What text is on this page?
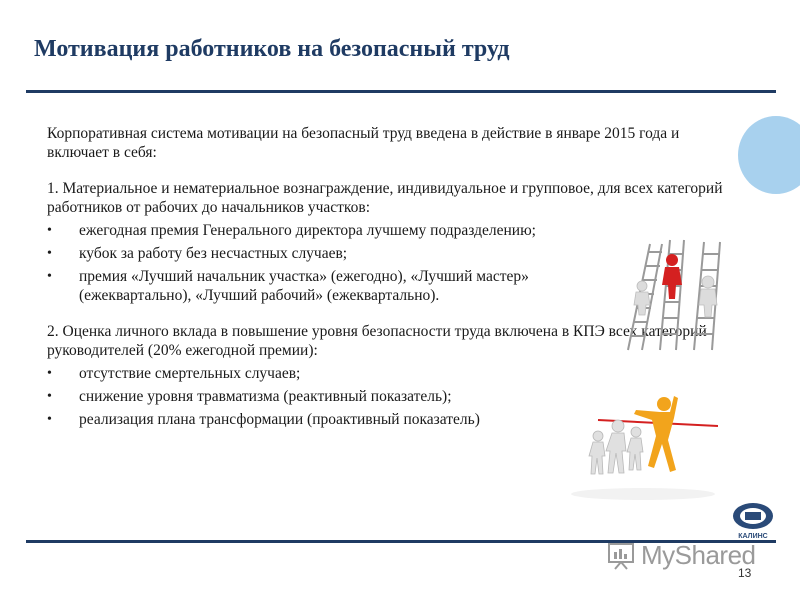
Мотивация работников на безопасный труд

Корпоративная система мотивации на безопасный труд введена в действие в январе 2015 года и включает в себя:

1. Материальное и нематериальное вознаграждение, индивидуальное и групповое, для всех категорий работников от рабочих до начальников участков:

• ежегодная премия Генерального директора лучшему подразделению;
• кубок за работу без несчастных случаев;
• премия «Лучший начальник участка» (ежегодно), «Лучший мастер» (ежеквартально), «Лучший рабочий» (ежеквартально).

2. Оценка личного вклада в повышение уровня безопасности труда включена в КПЭ всех категорий руководителей (20% ежегодной премии):

• отсутствие смертельных случаев;
• снижение уровня травматизма (реактивный показатель);
• реализация плана трансформации (проактивный показатель)
КАЛИНС
MyShared
13
